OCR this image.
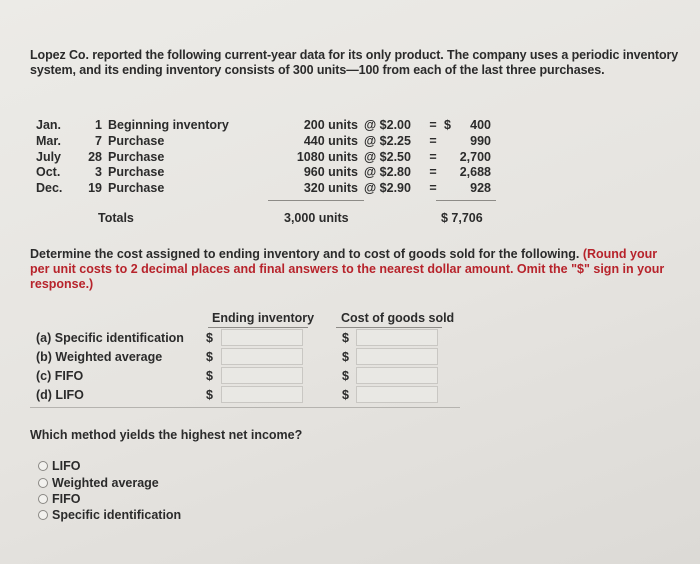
Lopez Co. reported the following current-year data for its only product. The company uses a periodic inventory system, and its ending inventory consists of 300 units—100 from each of the last three purchases.
Jan.	1 Beginning inventory	200 units @ $2.00	= $	400
Mar.	7 Purchase	440 units @ $2.25	=	990
July	28 Purchase	1080 units @ $2.50	=	2,700
Oct.	3 Purchase	960 units @ $2.80	=	2,688
Dec.	19 Purchase	320 units @ $2.90	=	928
Totals	3,000 units	$ 7,706
Determine the cost assigned to ending inventory and to cost of goods sold for the following. (Round your per unit costs to 2 decimal places and final answers to the nearest dollar amount. Omit the "$" sign in your response.)
Ending inventory Cost of goods sold
(a) Specific identification $	$
(b) Weighted average	$	$
(c) FIFO	$	$
(d) LIFO	$	$
Which method yields the highest net income?
LIFO
Weighted average
FIFO
Specific identification
